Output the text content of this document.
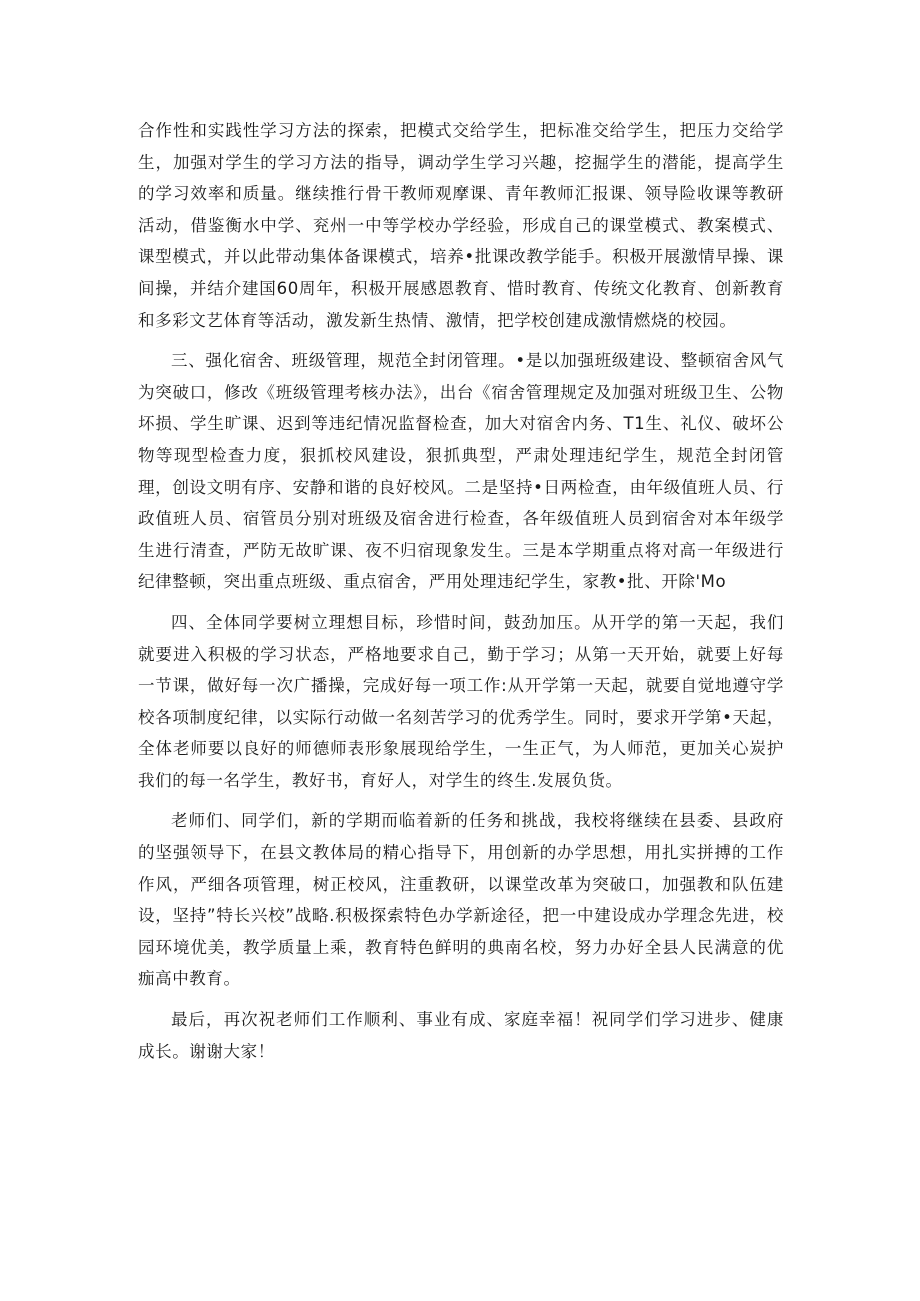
合作性和实践性学习方法的探索，把模式交给学生，把标准交给学生，把压力交给学生，加强对学生的学习方法的指导，调动学生学习兴趣，挖掘学生的潜能，提高学生的学习效率和质量。继续推行骨干教师观摩课、青年教师汇报课、领导险收课等教研活动，借鉴衡水中学、兖州一中等学校办学经验，形成自己的课堂模式、教案模式、课型模式，并以此带动集体备课模式，培养•批课改教学能手。积极开展激情早操、课间操，并结介建国60周年，积极开展感恩教育、惜时教育、传统文化教育、创新教育和多彩文艺体育等活动，激发新生热情、激情，把学校创建成激情燃烧的校园。

三、强化宿舍、班级管理，规范全封闭管理。•是以加强班级建设、整顿宿舍风气为突破口，修改《班级管理考核办法》，出台《宿舍管理规定及加强对班级卫生、公物坏损、学生旷课、迟到等违纪情况监督检查，加大对宿舍内务、T1生、礼仪、破坏公物等现型检查力度，狠抓校风建设，狠抓典型，严肃处理违纪学生，规范全封闭管理，创设文明有序、安静和谐的良好校风。二是坚持•日两检查，由年级值班人员、行政值班人员、宿管员分别对班级及宿舍进行检查，各年级值班人员到宿舍对本年级学生进行清查，严防无故旷课、夜不归宿现象发生。三是本学期重点将对高一年级进行纪律整顿，突出重点班级、重点宿舍，严用处理违纪学生，家教•批、开除'Mo

四、全体同学要树立理想目标，珍惜时间，鼓劲加压。从开学的第一天起，我们就要进入积极的学习状态，严格地要求自己，勤于学习；从第一天开始，就要上好每一节课，做好每一次广播操，完成好每一项工作:从开学第一天起，就要自觉地遵守学校各项制度纪律，以实际行动做一名刻苦学习的优秀学生。同时，要求开学第•天起，全体老师要以良好的师德师表形象展现给学生，一生正气，为人师范，更加关心炭护我们的每一名学生，教好书，育好人，对学生的终生.发展负货。

老师们、同学们，新的学期而临着新的任务和挑战，我校将继续在县委、县政府的坚强领导下，在县文教体局的精心指导下，用创新的办学思想，用扎实拼搏的工作作风，严细各项管理，树正校风，注重教研，以课堂改革为突破口，加强教和队伍建设，坚持”特长兴校”战略.积极探索特色办学新途径，把一中建设成办学理念先进，校园环境优美，教学质量上乘，教育特色鲜明的典南名校，努力办好全县人民满意的优痂高中教育。

最后，再次祝老师们工作顺利、事业有成、家庭幸福！祝同学们学习进步、健康成长。谢谢大家！
